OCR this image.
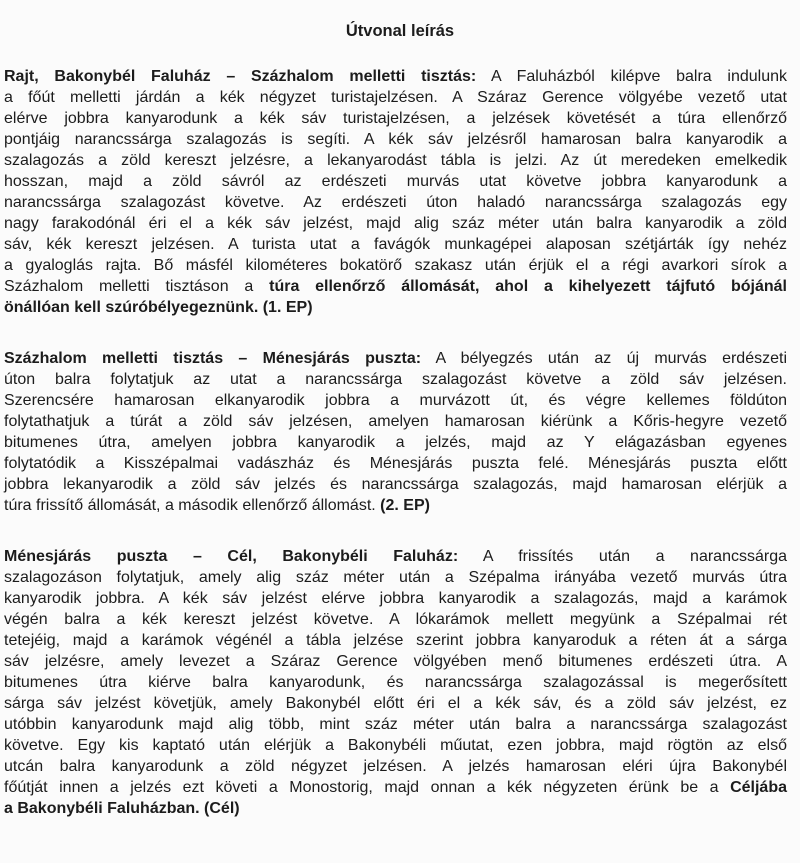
Útvonal leírás
Rajt, Bakonybél Faluház – Százhalom melletti tisztás: A Faluházból kilépve balra indulunk
a főút melletti járdán a kék négyzet turistajelzésen. A Száraz Gerence völgyébe vezető utat
elérve jobbra kanyarodunk a kék sáv turistajelzésen, a jelzések követését a túra ellenőrző
pontjáig narancssárga szalagozás is segíti. A kék sáv jelzésről hamarosan balra kanyarodik a
szalagozás a zöld kereszt jelzésre, a lekanyarodást tábla is jelzi. Az út meredeken emelkedik
hosszan, majd a zöld sávról az erdészeti murvás utat követve jobbra kanyarodunk a
narancssárga szalagozást követve. Az erdészeti úton haladó narancssárga szalagozás egy
nagy farakodónál éri el a kék sáv jelzést, majd alig száz méter után balra kanyarodik a zöld
sáv, kék kereszt jelzésen. A turista utat a favágók munkagépei alaposan szétjárták így nehéz
a gyaloglás rajta. Bő másfél kilométeres bokatörő szakasz után érjük el a régi avarkori sírok a
Százhalom melletti tisztáson a túra ellenőrző állomását, ahol a kihelyezett tájfutó bójánál
önállóan kell szúróbélyegeznünk. (1. EP)
Százhalom melletti tisztás – Ménesjárás puszta: A bélyegzés után az új murvás erdészeti
úton balra folytatjuk az utat a narancssárga szalagozást követve a zöld sáv jelzésen.
Szerencsére hamarosan elkanyarodik jobbra a murvázott út, és végre kellemes földúton
folytathatjuk a túrát a zöld sáv jelzésen, amelyen hamarosan kiérünk a Kőris-hegyre vezető
bitumenes útra, amelyen jobbra kanyarodik a jelzés, majd az Y elágazásban egyenes
folytatódik a Kisszépalmai vadászház és Ménesjárás puszta felé. Ménesjárás puszta előtt
jobbra lekanyarodik a zöld sáv jelzés és narancssárga szalagozás, majd hamarosan elérjük a
túra frissítő állomását, a második ellenőrző állomást. (2. EP)
Ménesjárás puszta – Cél, Bakonybéli Faluház: A frissítés után a narancssárga
szalagozáson folytatjuk, amely alig száz méter után a Szépalma irányába vezető murvás útra
kanyarodik jobbra. A kék sáv jelzést elérve jobbra kanyarodik a szalagozás, majd a karámok
végén balra a kék kereszt jelzést követve. A lókarámok mellett megyünk a Szépalmai rét
tetejéig, majd a karámok végénél a tábla jelzése szerint jobbra kanyaroduk a réten át a sárga
sáv jelzésre, amely levezet a Száraz Gerence völgyében menő bitumenes erdészeti útra. A
bitumenes útra kiérve balra kanyarodunk, és narancssárga szalagozással is megerősített
sárga sáv jelzést követjük, amely Bakonybél előtt éri el a kék sáv, és a zöld sáv jelzést, ez
utóbbin kanyarodunk majd alig több, mint száz méter után balra a narancssárga szalagozást
követve. Egy kis kaptató után elérjük a Bakonybéli műutat, ezen jobbra, majd rögtön az első
utcán balra kanyarodunk a zöld négyzet jelzésen. A jelzés hamarosan eléri újra Bakonybél
főútját innen a jelzés ezt követi a Monostorig, majd onnan a kék négyzeten érünk be a Céljába
a Bakonybéli Faluházban. (Cél)
